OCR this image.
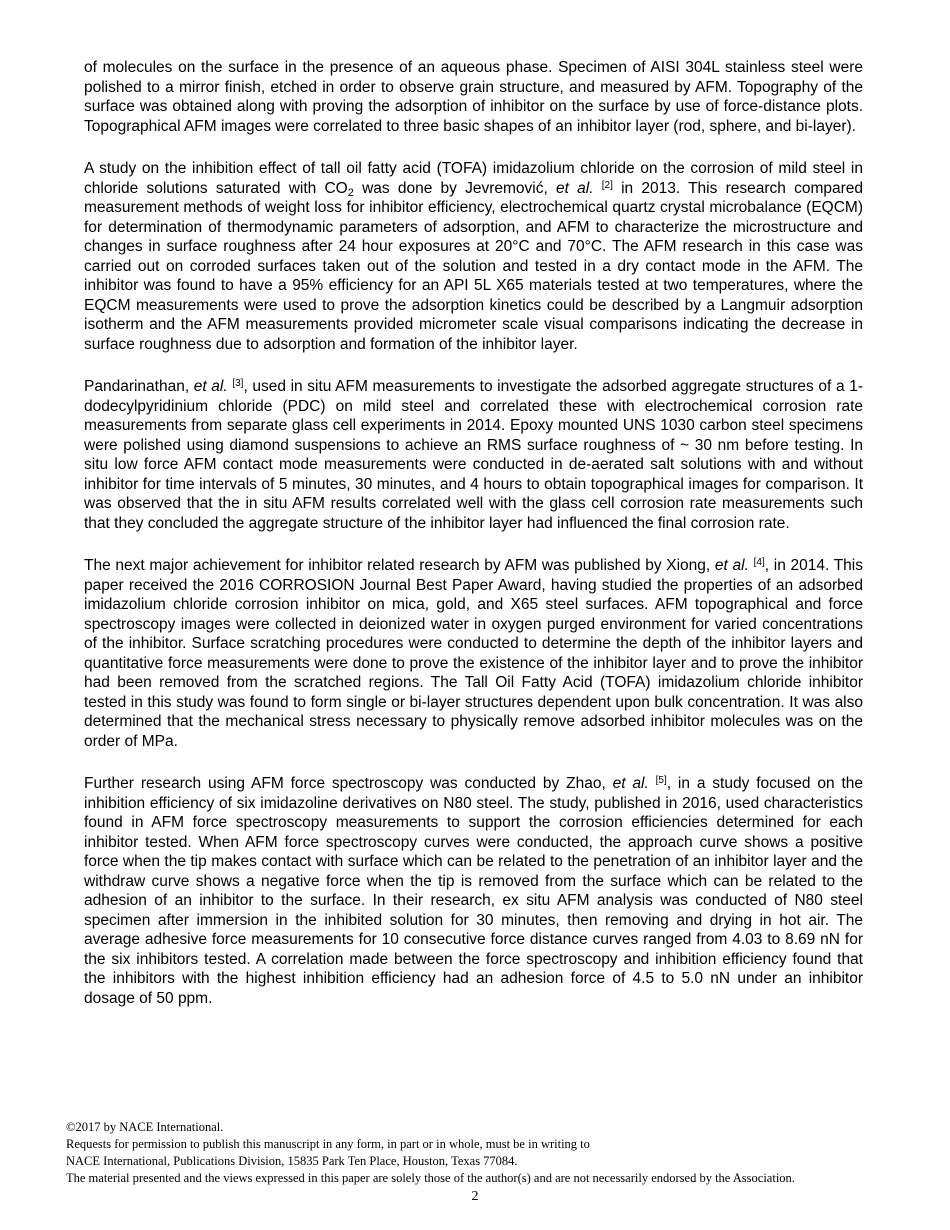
of molecules on the surface in the presence of an aqueous phase. Specimen of AISI 304L stainless steel were polished to a mirror finish, etched in order to observe grain structure, and measured by AFM. Topography of the surface was obtained along with proving the adsorption of inhibitor on the surface by use of force-distance plots. Topographical AFM images were correlated to three basic shapes of an inhibitor layer (rod, sphere, and bi-layer).

A study on the inhibition effect of tall oil fatty acid (TOFA) imidazolium chloride on the corrosion of mild steel in chloride solutions saturated with $CO_2$ was done by Jevremović, et al. [2] in 2013. This research compared measurement methods of weight loss for inhibitor efficiency, electrochemical quartz crystal microbalance (EQCM) for determination of thermodynamic parameters of adsorption, and AFM to characterize the microstructure and changes in surface roughness after 24 hour exposures at 20°C and 70°C. The AFM research in this case was carried out on corroded surfaces taken out of the solution and tested in a dry contact mode in the AFM. The inhibitor was found to have a 95% efficiency for an API 5L X65 materials tested at two temperatures, where the EQCM measurements were used to prove the adsorption kinetics could be described by a Langmuir adsorption isotherm and the AFM measurements provided micrometer scale visual comparisons indicating the decrease in surface roughness due to adsorption and formation of the inhibitor layer.

Pandarinathan, et al. [3], used in situ AFM measurements to investigate the adsorbed aggregate structures of a 1-dodecylpyridinium chloride (PDC) on mild steel and correlated these with electrochemical corrosion rate measurements from separate glass cell experiments in 2014. Epoxy mounted UNS 1030 carbon steel specimens were polished using diamond suspensions to achieve an RMS surface roughness of ~ 30 nm before testing. In situ low force AFM contact mode measurements were conducted in de-aerated salt solutions with and without inhibitor for time intervals of 5 minutes, 30 minutes, and 4 hours to obtain topographical images for comparison. It was observed that the in situ AFM results correlated well with the glass cell corrosion rate measurements such that they concluded the aggregate structure of the inhibitor layer had influenced the final corrosion rate.

The next major achievement for inhibitor related research by AFM was published by Xiong, et al. [4], in 2014. This paper received the 2016 CORROSION Journal Best Paper Award, having studied the properties of an adsorbed imidazolium chloride corrosion inhibitor on mica, gold, and X65 steel surfaces. AFM topographical and force spectroscopy images were collected in deionized water in oxygen purged environment for varied concentrations of the inhibitor. Surface scratching procedures were conducted to determine the depth of the inhibitor layers and quantitative force measurements were done to prove the existence of the inhibitor layer and to prove the inhibitor had been removed from the scratched regions. The Tall Oil Fatty Acid (TOFA) imidazolium chloride inhibitor tested in this study was found to form single or bi-layer structures dependent upon bulk concentration. It was also determined that the mechanical stress necessary to physically remove adsorbed inhibitor molecules was on the order of MPa.

Further research using AFM force spectroscopy was conducted by Zhao, et al. [5], in a study focused on the inhibition efficiency of six imidazoline derivatives on N80 steel. The study, published in 2016, used characteristics found in AFM force spectroscopy measurements to support the corrosion efficiencies determined for each inhibitor tested. When AFM force spectroscopy curves were conducted, the approach curve shows a positive force when the tip makes contact with surface which can be related to the penetration of an inhibitor layer and the withdraw curve shows a negative force when the tip is removed from the surface which can be related to the adhesion of an inhibitor to the surface. In their research, ex situ AFM analysis was conducted of N80 steel specimen after immersion in the inhibited solution for 30 minutes, then removing and drying in hot air. The average adhesive force measurements for 10 consecutive force distance curves ranged from 4.03 to 8.69 nN for the six inhibitors tested. A correlation made between the force spectroscopy and inhibition efficiency found that the inhibitors with the highest inhibition efficiency had an adhesion force of 4.5 to 5.0 nN under an inhibitor dosage of 50 ppm.

©2017 by NACE International.
Requests for permission to publish this manuscript in any form, in part or in whole, must be in writing to
NACE International, Publications Division, 15835 Park Ten Place, Houston, Texas 77084.
The material presented and the views expressed in this paper are solely those of the author(s) and are not necessarily endorsed by the Association.
2
